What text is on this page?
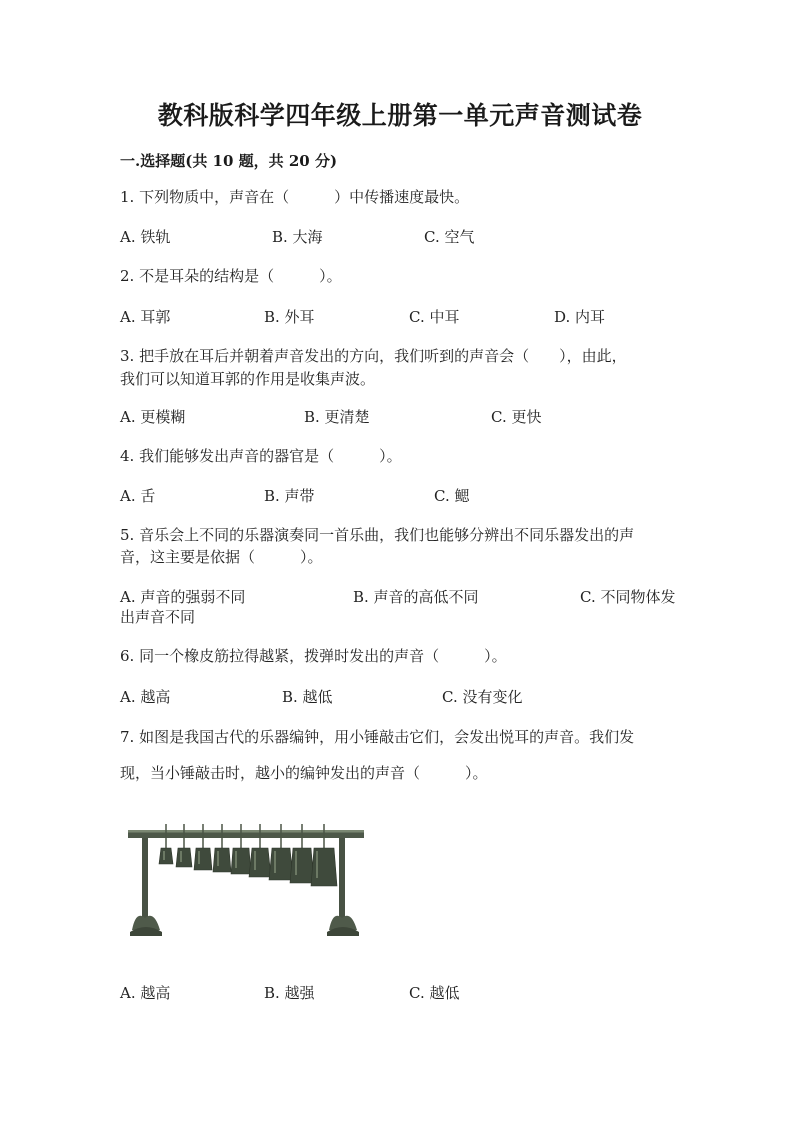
教科版科学四年级上册第一单元声音测试卷
一.选择题(共 10 题，共 20 分)
1. 下列物质中，声音在（　　　）中传播速度最快。
A. 铁轨	B. 大海	C. 空气
2. 不是耳朵的结构是（　　　）。
A. 耳郭	B. 外耳	C. 中耳	D. 内耳
3. 把手放在耳后并朝着声音发出的方向，我们听到的声音会（　　），由此，
我们可以知道耳郭的作用是收集声波。
A. 更模糊	B. 更清楚	C. 更快
4. 我们能够发出声音的器官是（　　　）。
A. 舌	B. 声带	C. 鳃
5. 音乐会上不同的乐器演奏同一首乐曲，我们也能够分辨出不同乐器发出的声
音，这主要是依据（　　　）。
A. 声音的强弱不同	B. 声音的高低不同	C. 不同物体发
出声音不同
6. 同一个橡皮筋拉得越紧，拨弹时发出的声音（　　　）。
A. 越高	B. 越低	C. 没有变化
7. 如图是我国古代的乐器编钟，用小锤敲击它们，会发出悦耳的声音。我们发
现，当小锤敲击时，越小的编钟发出的声音（　　　）。
A. 越高	B. 越强	C. 越低
